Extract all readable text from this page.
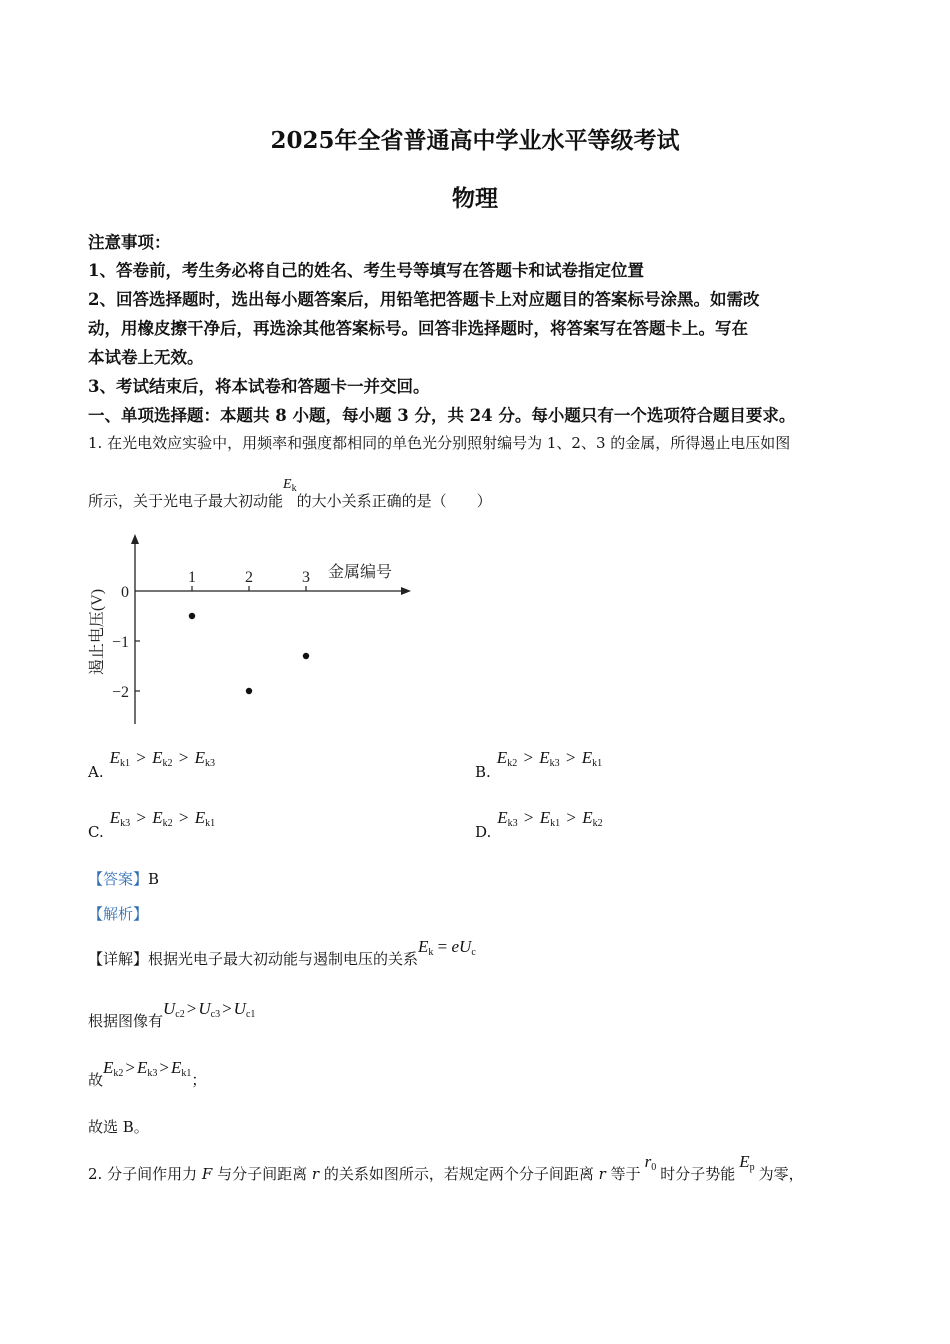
2025年全省普通高中学业水平等级考试
物理
注意事项：
1、答卷前，考生务必将自己的姓名、考生号等填写在答题卡和试卷指定位置
2、回答选择题时，选出每小题答案后，用铅笔把答题卡上对应题目的答案标号涂黑。如需改
动，用橡皮擦干净后，再选涂其他答案标号。回答非选择题时，将答案写在答题卡上。写在
本试卷上无效。
3、考试结束后，将本试卷和答题卡一并交回。
一、单项选择题：本题共 8 小题，每小题 3 分，共 24 分。每小题只有一个选项符合题目要求。
1. 在光电效应实验中，用频率和强度都相同的单色光分别照射编号为 1、2、3 的金属，所得遏止电压如图
所示，关于光电子最大初动能$E_k$的大小关系正确的是（　　）
金属编号
遏止电压(V)
1	2	3
0
−1
−2
$A.E_{k1} > E_{k2} > E_{k3}$	$B.E_{k2} > E_{k3} > E_{k1}$
$C.E_{k3} > E_{k2} > E_{k1}$	$D.E_{k3} > E_{k1} > E_{k2}$
【答案】B
【解析】
【详解】根据光电子最大初动能与遏制电压的关系$E_k = eU_c$
根据图像有$U_{c2} > U_{c3} > U_{c1}$
故$E_{k2} > E_{k3} > E_{k1}$；
故选 B。
2. 分子间作用力 F 与分子间距离 r 的关系如图所示，若规定两个分子间距离 r 等于$r_0$ 时分子势能$E_p$ 为零，
